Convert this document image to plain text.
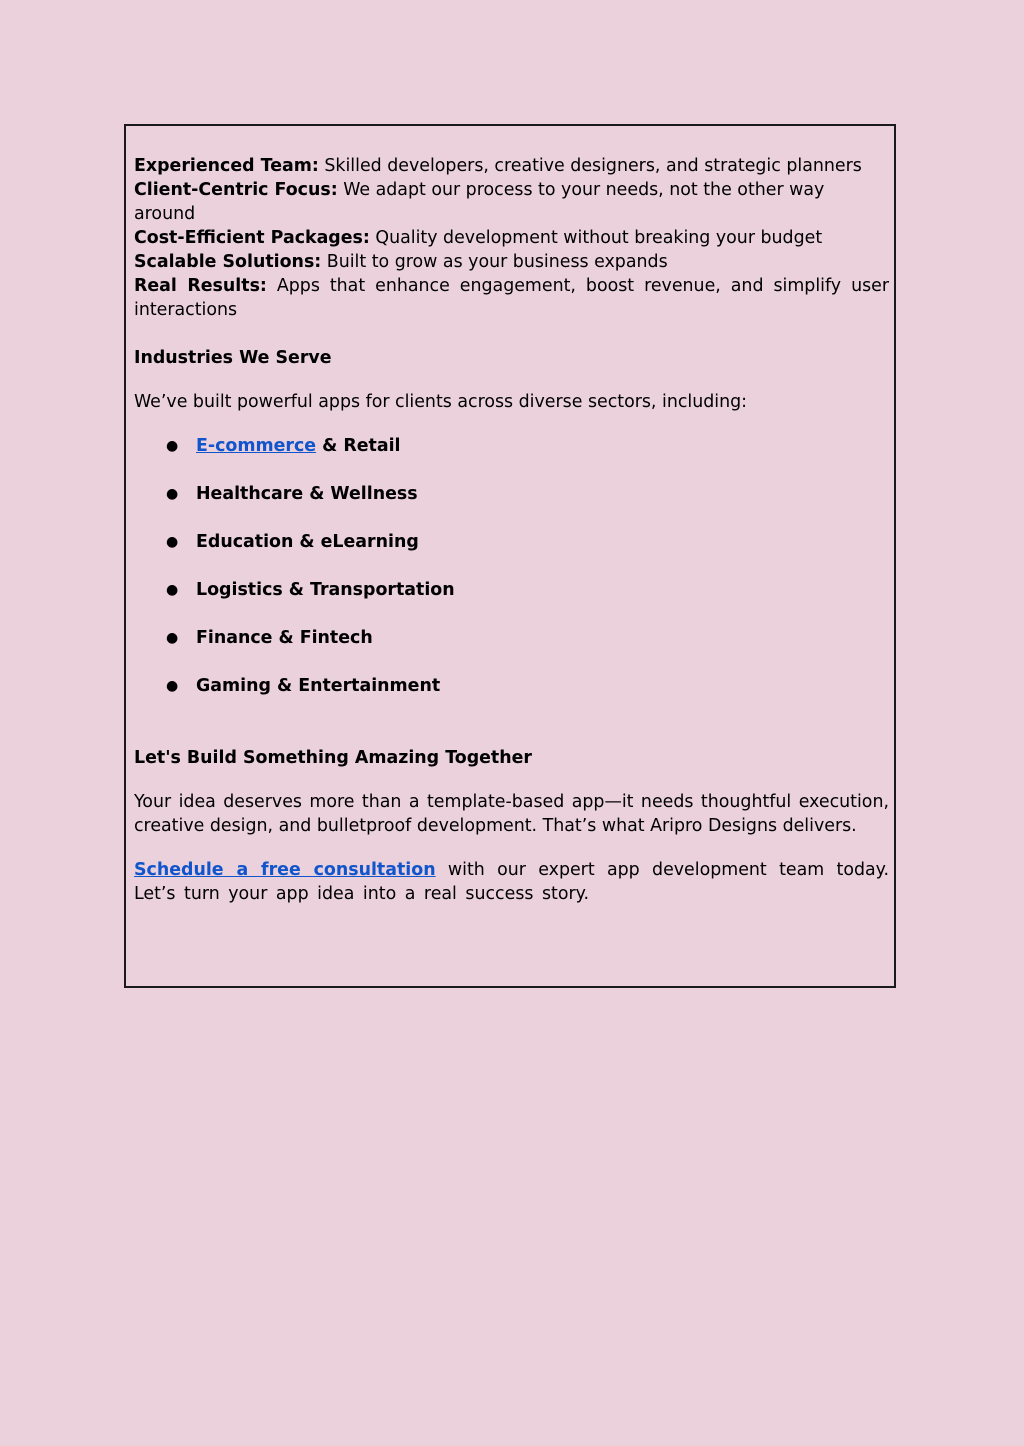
Experienced Team: Skilled developers, creative designers, and strategic planners
Client-Centric Focus: We adapt our process to your needs, not the other way around
Cost-Efficient Packages: Quality development without breaking your budget
Scalable Solutions: Built to grow as your business expands
Real Results: Apps that enhance engagement, boost revenue, and simplify user interactions
Industries We Serve
We’ve built powerful apps for clients across diverse sectors, including:
● E-commerce & Retail
● Healthcare & Wellness
● Education & eLearning
● Logistics & Transportation
● Finance & Fintech
● Gaming & Entertainment
Let's Build Something Amazing Together
Your idea deserves more than a template-based app—it needs thoughtful execution, creative design, and bulletproof development. That’s what Aripro Designs delivers.
Schedule a free consultation with our expert app development team today. Let’s turn your app idea into a real success story.
